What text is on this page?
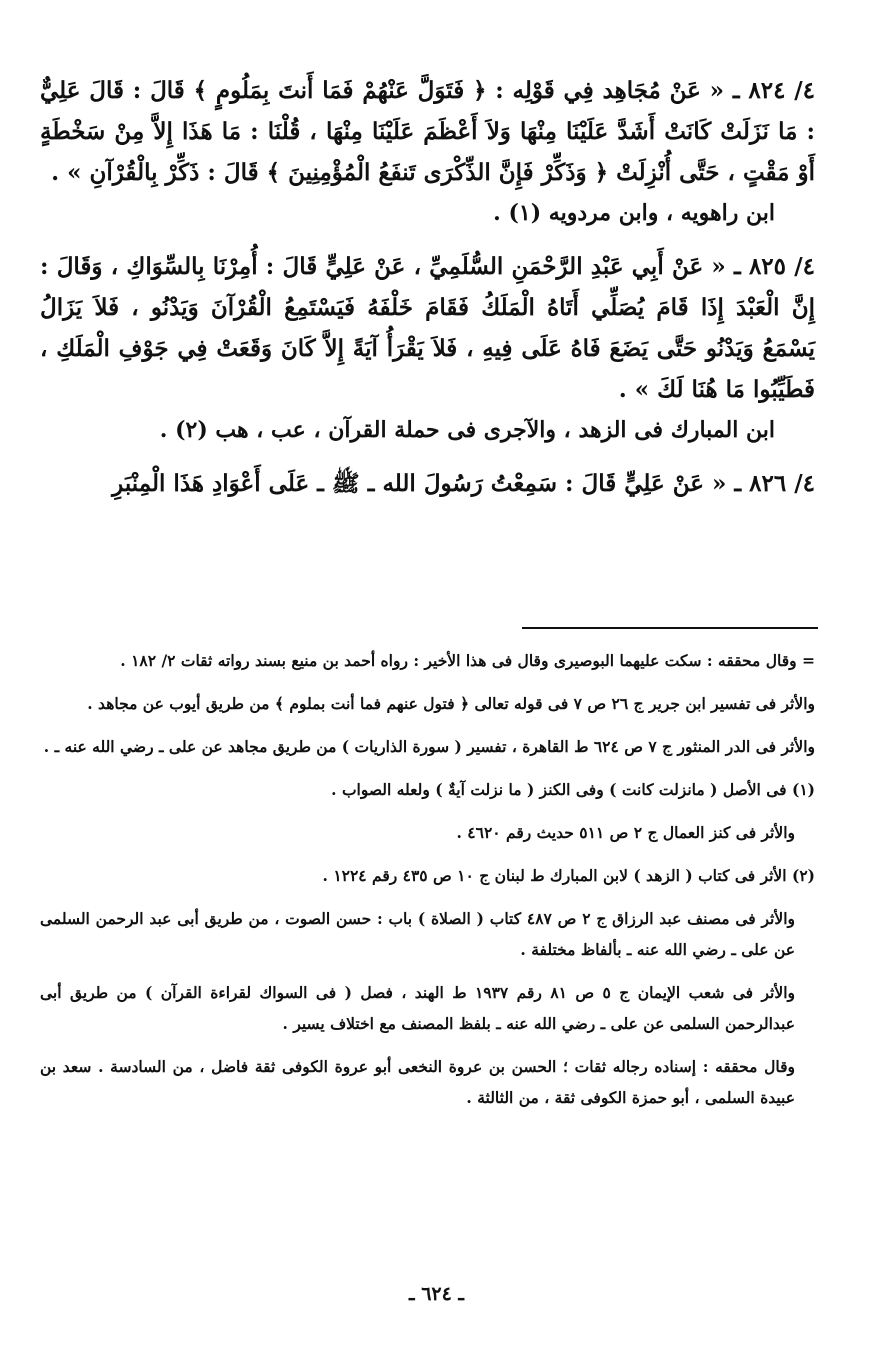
٤/ ٨٢٤ ـ « عَنْ مُجَاهِد فِي قَوْلِه : ﴿ فَتَوَلَّ عَنْهُمْ فَمَا أَنتَ بِمَلُومٍ ﴾ قَالَ : قَالَ عَلِيٌّ : مَا نَزَلَتْ كَانَتْ أَشَدَّ عَلَيْنَا مِنْهَا وَلاَ أَعْظَمَ عَلَيْنَا مِنْهَا ، قُلْنَا : مَا هَذَا إِلاَّ مِنْ سَخْطَةٍ أَوْ مَقْتٍ ، حَتَّى أُنْزِلَتْ ﴿ وَذَكِّرْ فَإِنَّ الذِّكْرَى تَنفَعُ الْمُؤْمِنِينَ ﴾ قَالَ : ذَكِّرْ بِالْقُرْآنِ » .

ابن راهويه ، وابن مردويه (١) .

٤/ ٨٢٥ ـ « عَنْ أَبِي عَبْدِ الرَّحْمَنِ السُّلَمِيِّ ، عَنْ عَلِيٍّ قَالَ : أُمِرْنَا بِالسِّوَاكِ ، وَقَالَ : إِنَّ الْعَبْدَ إِذَا قَامَ يُصَلِّي أَتَاهُ الْمَلَكُ فَقَامَ خَلْفَهُ فَيَسْتَمِعُ الْقُرْآنَ وَيَدْنُو ، فَلاَ يَزَالُ يَسْمَعُ وَيَدْنُو حَتَّى يَضَعَ فَاهُ عَلَى فِيهِ ، فَلاَ يَقْرَأُ آيَةً إِلاَّ كَانَ وَقَعَتْ فِي جَوْفِ الْمَلَكِ ، فَطَيِّبُوا مَا هُنَا لَكَ » .

ابن المبارك فى الزهد ، والآجرى فى حملة القرآن ، عب ، هب (٢) .

٤/ ٨٢٦ ـ « عَنْ عَلِيٍّ قَالَ : سَمِعْتُ رَسُولَ الله ـ ﷺ ـ عَلَى أَعْوَادِ هَذَا الْمِنْبَرِ

= وقال محققه : سكت عليهما البوصيرى وقال فى هذا الأخير : رواه أحمد بن منيع بسند رواته ثقات ٢/ ١٨٢ .

والأثر فى تفسير ابن جرير ج ٢٦ ص ٧ فى قوله تعالى ﴿ فتول عنهم فما أنت بملوم ﴾ من طريق أيوب عن مجاهد .

والأثر فى الدر المنثور ج ٧ ص ٦٢٤ ط القاهرة ، تفسير ( سورة الذاريات ) من طريق مجاهد عن على ـ رضي الله عنه ـ .

(١) فى الأصل ( مانزلت كانت ) وفى الكنز ( ما نزلت آيةٌ ) ولعله الصواب .

والأثر فى كنز العمال ج ٢ ص ٥١١ حديث رقم ٤٦٢٠ .

(٢) الأثر فى كتاب ( الزهد ) لابن المبارك ط لبنان ج ١٠ ص ٤٣٥ رقم ١٢٢٤ .

والأثر فى مصنف عبد الرزاق ج ٢ ص ٤٨٧ كتاب ( الصلاة ) باب : حسن الصوت ، من طريق أبى عبد الرحمن السلمى عن على ـ رضي الله عنه ـ بألفاظ مختلفة .

والأثر فى شعب الإيمان ج ٥ ص ٨١ رقم ١٩٣٧ ط الهند ، فصل ( فى السواك لقراءة القرآن ) من طريق أبى عبدالرحمن السلمى عن على ـ رضي الله عنه ـ بلفظ المصنف مع اختلاف يسير .

وقال محققه : إسناده رجاله ثقات ؛ الحسن بن عروة النخعى أبو عروة الكوفى ثقة فاضل ، من السادسة . سعد بن عبيدة السلمى ، أبو حمزة الكوفى ثقة ، من الثالثة .

ـ ٦٢٤ ـ
